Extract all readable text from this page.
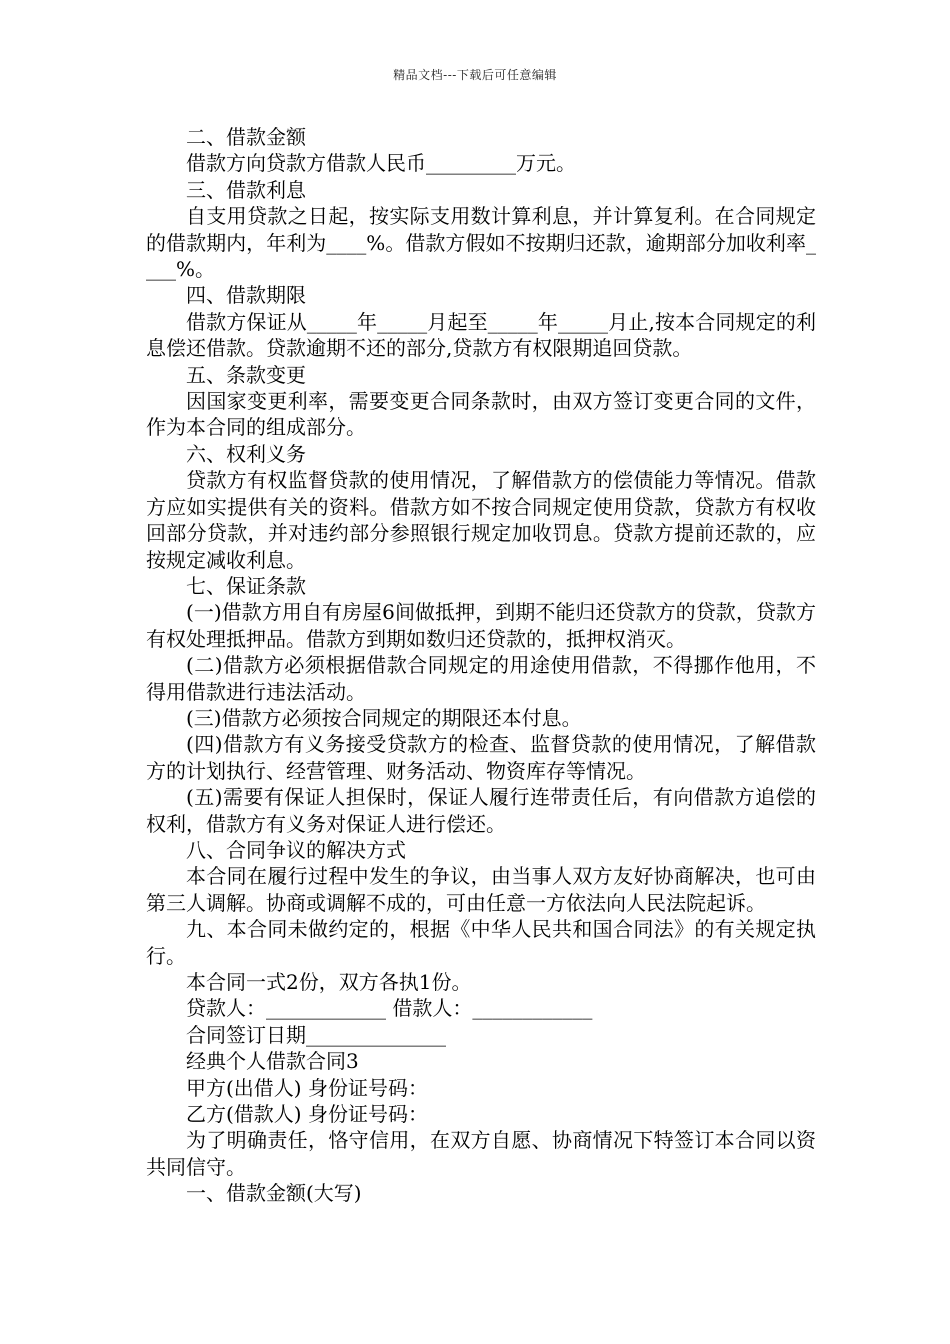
精品文档---下载后可任意编辑

二、借款金额

借款方向贷款方借款人民币_________万元。

三、借款利息

自支用贷款之日起，按实际支用数计算利息，并计算复利。在合同规定的借款期内，年利为____%。借款方假如不按期归还款，逾期部分加收利率____%。

四、借款期限

借款方保证从_____年_____月起至_____年_____月止,按本合同规定的利息偿还借款。贷款逾期不还的部分,贷款方有权限期追回贷款。

五、条款变更

因国家变更利率，需要变更合同条款时，由双方签订变更合同的文件，作为本合同的组成部分。

六、权利义务

贷款方有权监督贷款的使用情况，了解借款方的偿债能力等情况。借款方应如实提供有关的资料。借款方如不按合同规定使用贷款，贷款方有权收回部分贷款，并对违约部分参照银行规定加收罚息。贷款方提前还款的，应按规定减收利息。

七、保证条款

(一)借款方用自有房屋6间做抵押，到期不能归还贷款方的贷款，贷款方有权处理抵押品。借款方到期如数归还贷款的，抵押权消灭。

(二)借款方必须根据借款合同规定的用途使用借款，不得挪作他用，不得用借款进行违法活动。

(三)借款方必须按合同规定的期限还本付息。

(四)借款方有义务接受贷款方的检查、监督贷款的使用情况，了解借款方的计划执行、经营管理、财务活动、物资库存等情况。

(五)需要有保证人担保时，保证人履行连带责任后，有向借款方追偿的权利，借款方有义务对保证人进行偿还。

八、合同争议的解决方式

本合同在履行过程中发生的争议，由当事人双方友好协商解决，也可由第三人调解。协商或调解不成的，可由任意一方依法向人民法院起诉。

九、本合同未做约定的，根据《中华人民共和国合同法》的有关规定执行。

本合同一式2份，双方各执1份。

贷款人：____________ 借款人：____________

合同签订日期______________

经典个人借款合同3

甲方(出借人) 身份证号码：

乙方(借款人) 身份证号码：

为了明确责任，恪守信用，在双方自愿、协商情况下特签订本合同以资共同信守。

一、借款金额(大写)
